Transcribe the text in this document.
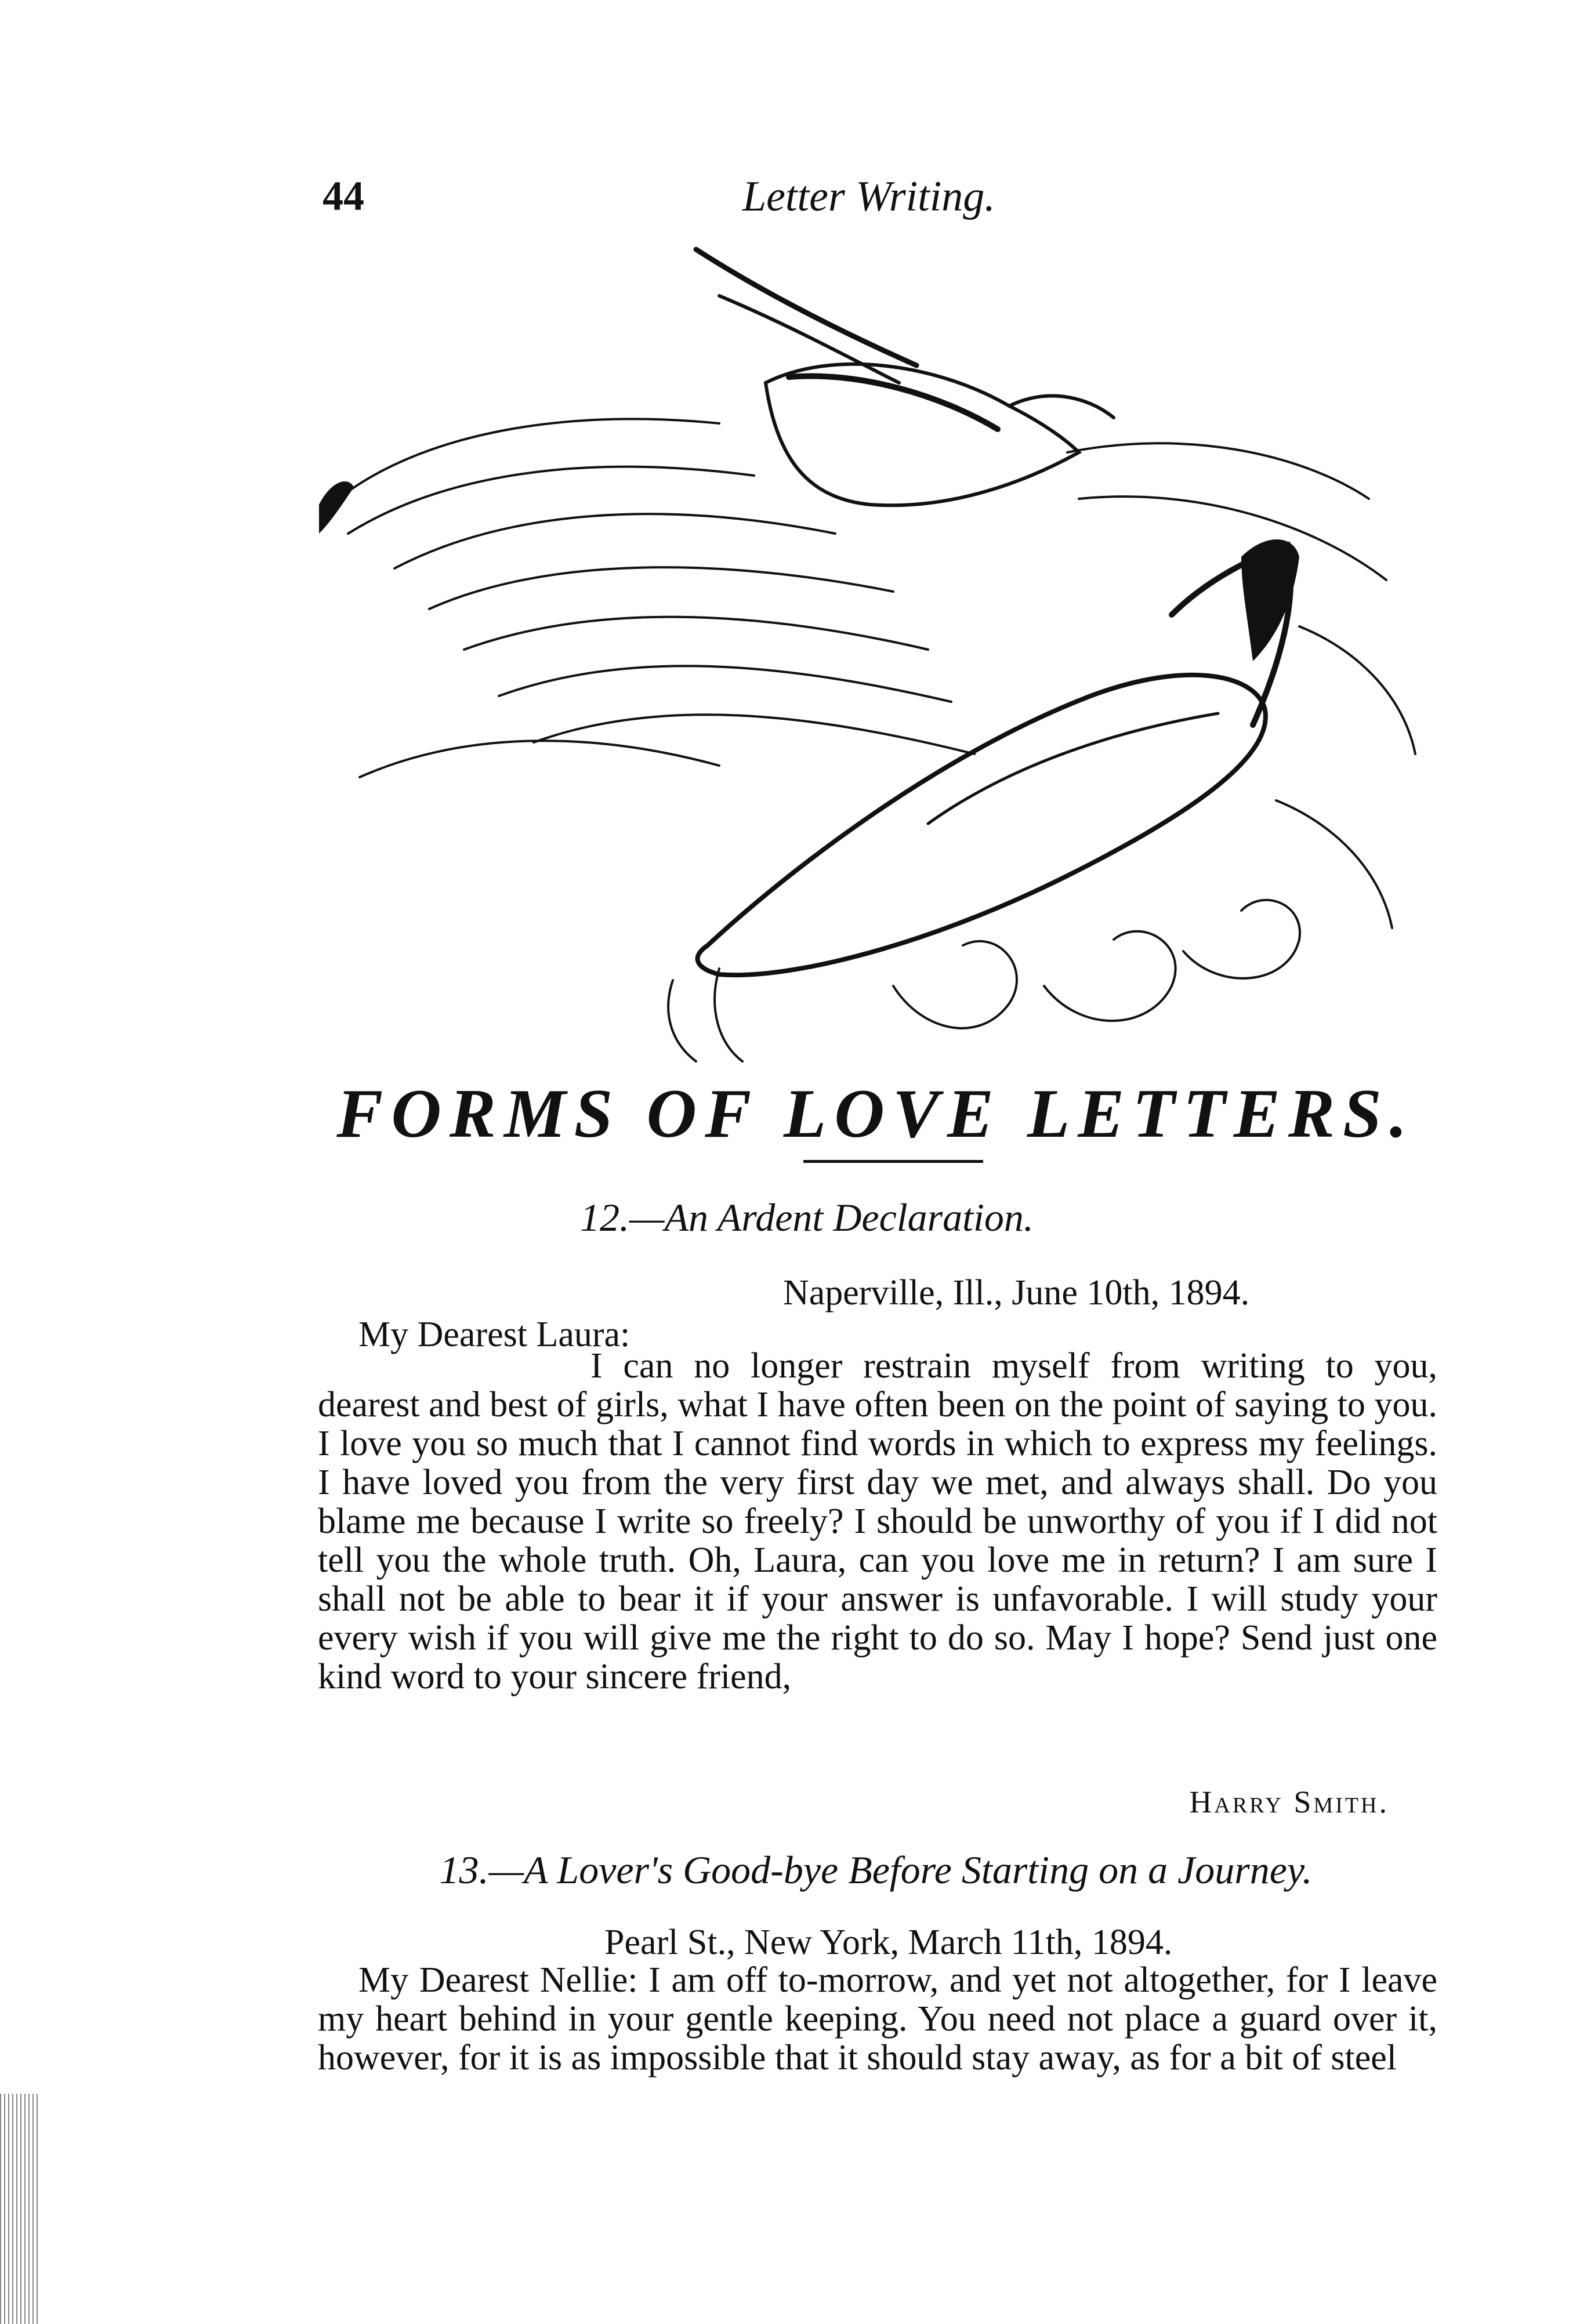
44	Letter Writing.
FORMS OF LOVE LETTERS.
12.—An Ardent Declaration.
Naperville, Ill., June 10th, 1894.
My Dearest Laura:
I can no longer restrain myself from writing to you, dearest and best of girls, what I have often been on the point of saying to you. I love you so much that I cannot find words in which to express my feelings. I have loved you from the very first day we met, and always shall. Do you blame me because I write so freely? I should be unworthy of you if I did not tell you the whole truth. Oh, Laura, can you love me in return? I am sure I shall not be able to bear it if your answer is unfavorable. I will study your every wish if you will give me the right to do so. May I hope? Send just one kind word to your sincere friend,
Harry Smith.
13.—A Lover's Good-bye Before Starting on a Journey.
Pearl St., New York, March 11th, 1894.
My Dearest Nellie: I am off to-morrow, and yet not altogether, for I leave my heart behind in your gentle keeping. You need not place a guard over it, however, for it is as impossible that it should stay away, as for a bit of steel
